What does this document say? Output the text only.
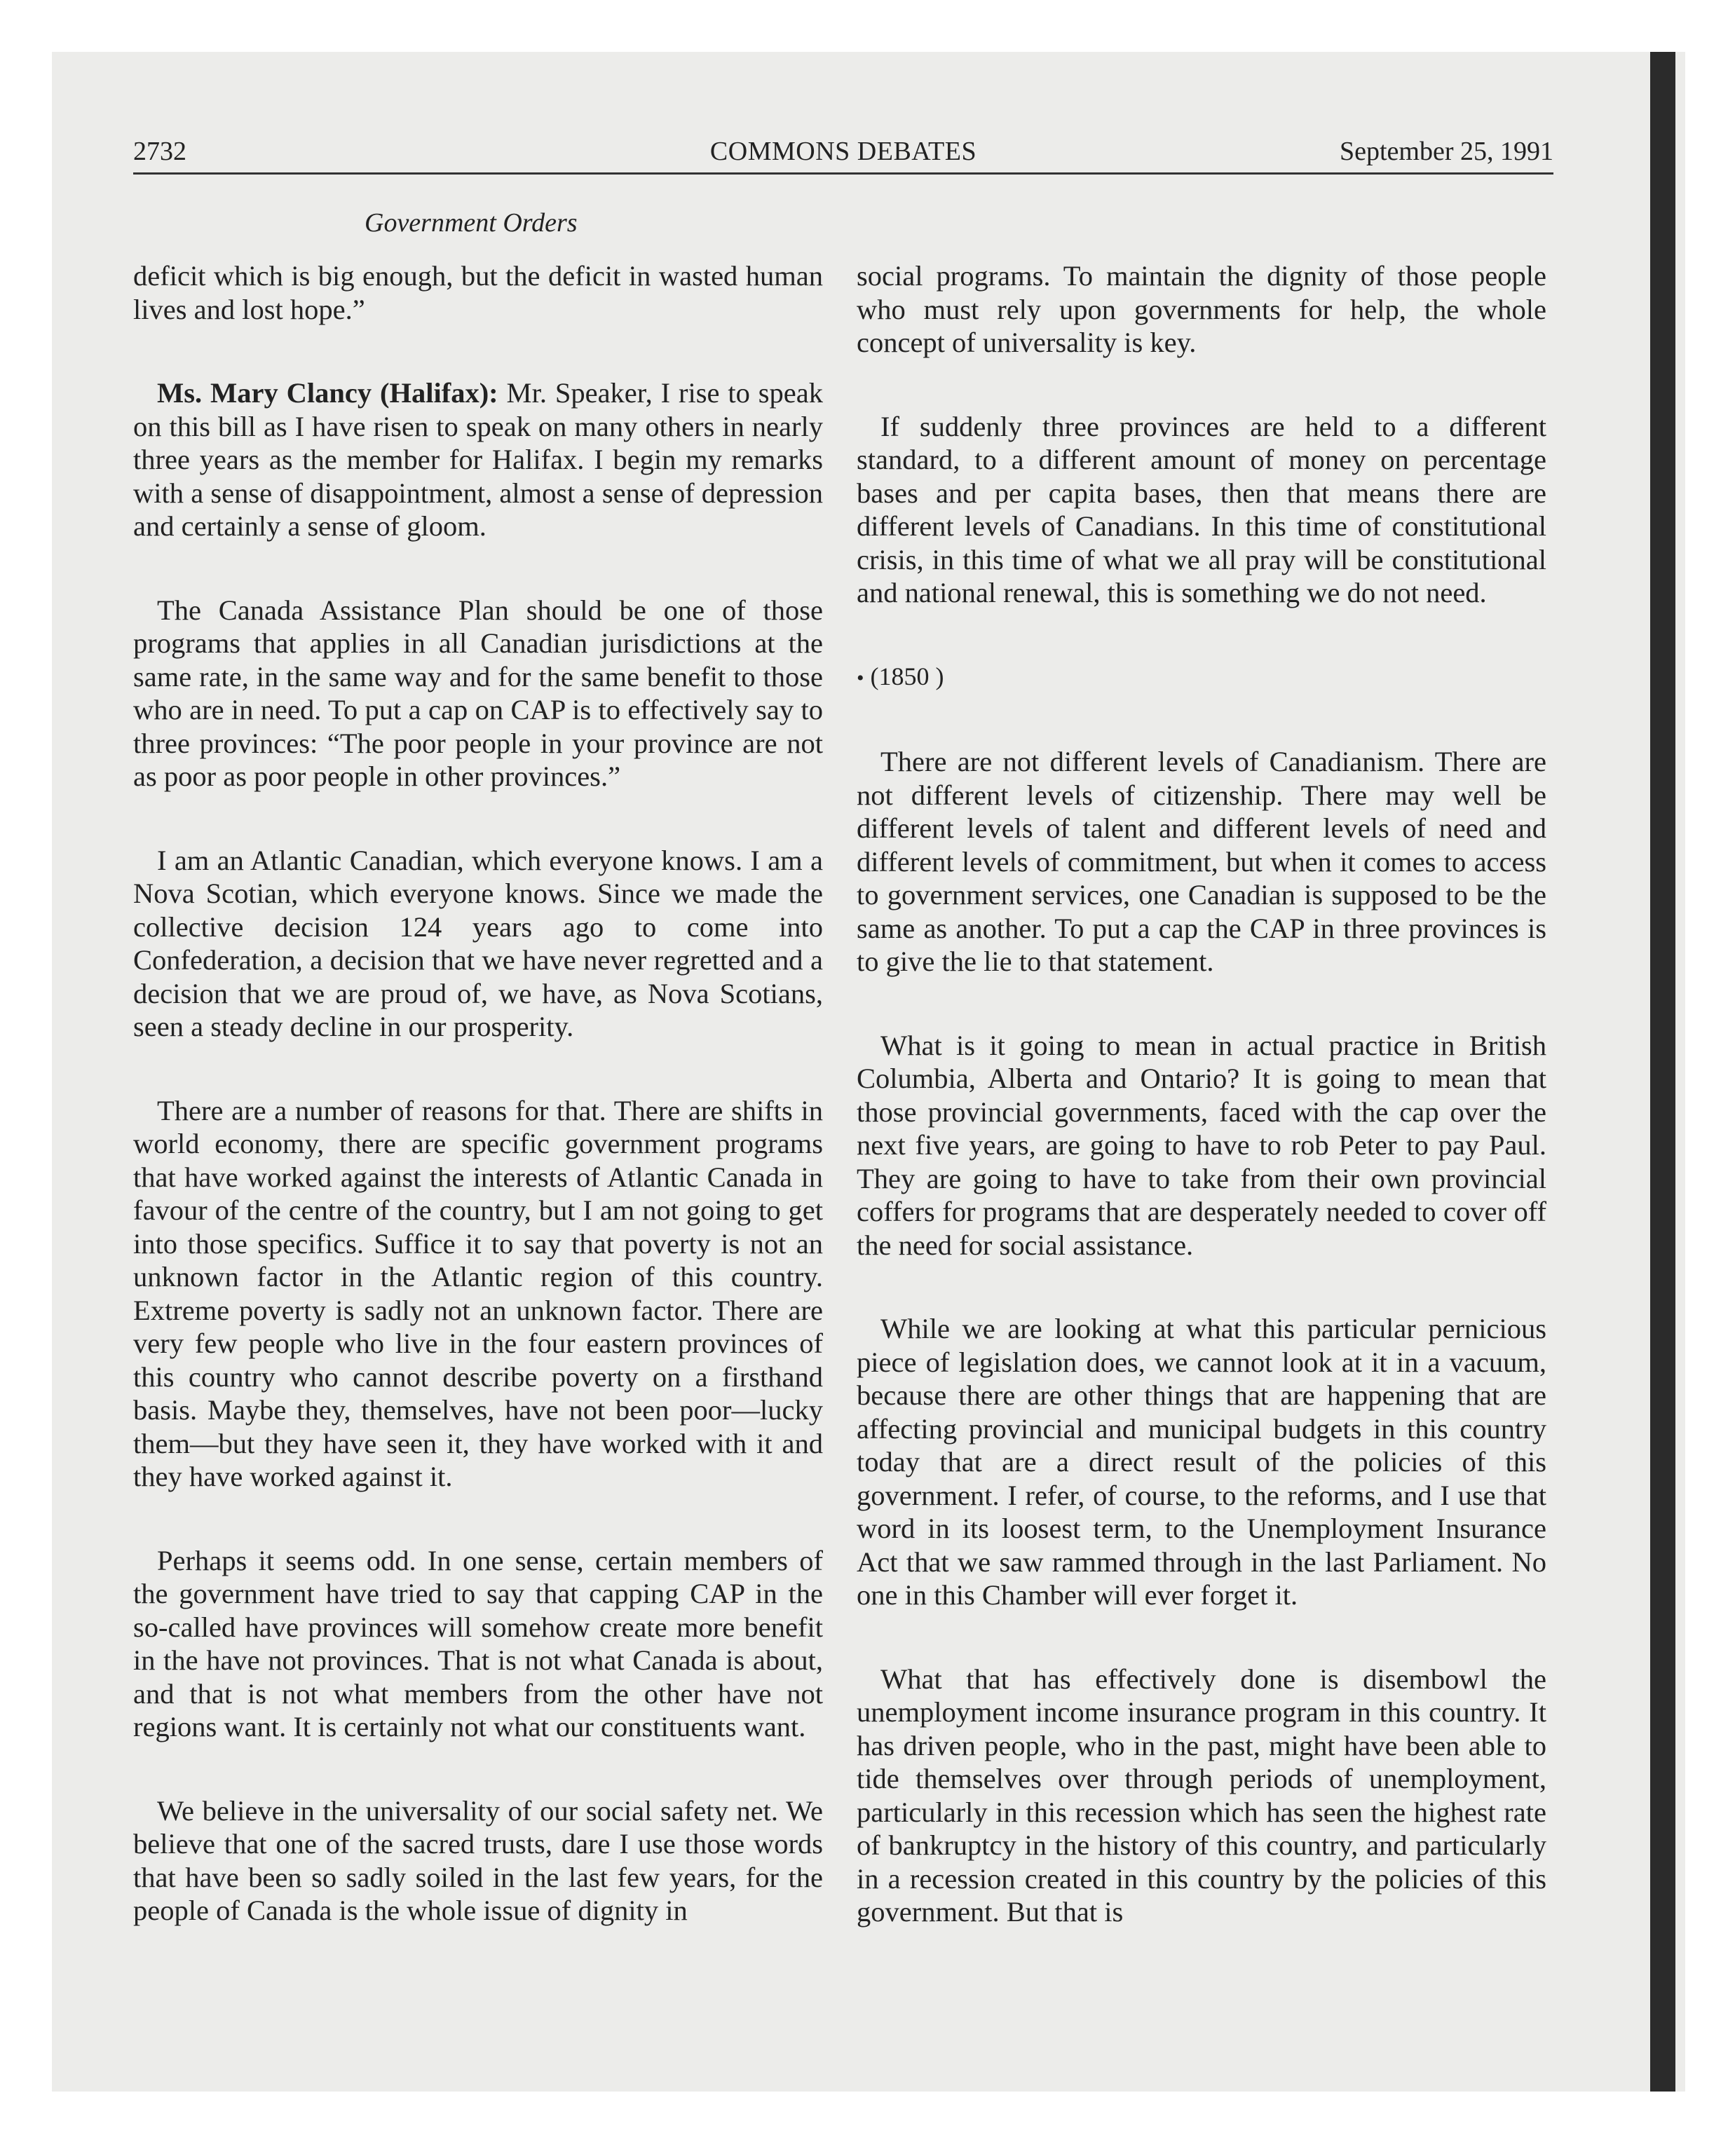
2732	COMMONS DEBATES	September 25, 1991
Government Orders

deficit which is big enough, but the deficit in wasted human lives and lost hope.”

Ms. Mary Clancy (Halifax): Mr. Speaker, I rise to speak on this bill as I have risen to speak on many others in nearly three years as the member for Halifax. I begin my remarks with a sense of disappointment, almost a sense of depression and certainly a sense of gloom.

The Canada Assistance Plan should be one of those programs that applies in all Canadian jurisdictions at the same rate, in the same way and for the same benefit to those who are in need. To put a cap on CAP is to effectively say to three provinces: “The poor people in your province are not as poor as poor people in other provinces.”

I am an Atlantic Canadian, which everyone knows. I am a Nova Scotian, which everyone knows. Since we made the collective decision 124 years ago to come into Confederation, a decision that we have never regretted and a decision that we are proud of, we have, as Nova Scotians, seen a steady decline in our prosperity.

There are a number of reasons for that. There are shifts in world economy, there are specific government programs that have worked against the interests of Atlantic Canada in favour of the centre of the country, but I am not going to get into those specifics. Suffice it to say that poverty is not an unknown factor in the Atlantic region of this country. Extreme poverty is sadly not an unknown factor. There are very few people who live in the four eastern provinces of this country who cannot describe poverty on a firsthand basis. Maybe they, themselves, have not been poor—lucky them—but they have seen it, they have worked with it and they have worked against it.

Perhaps it seems odd. In one sense, certain members of the government have tried to say that capping CAP in the so-called have provinces will somehow create more benefit in the have not provinces. That is not what Canada is about, and that is not what members from the other have not regions want. It is certainly not what our constituents want.

We believe in the universality of our social safety net. We believe that one of the sacred trusts, dare I use those words that have been so sadly soiled in the last few years, for the people of Canada is the whole issue of dignity in

social programs. To maintain the dignity of those people who must rely upon governments for help, the whole concept of universality is key.

If suddenly three provinces are held to a different standard, to a different amount of money on percentage bases and per capita bases, then that means there are different levels of Canadians. In this time of constitutional crisis, in this time of what we all pray will be constitutional and national renewal, this is something we do not need.

• (1850 )

There are not different levels of Canadianism. There are not different levels of citizenship. There may well be different levels of talent and different levels of need and different levels of commitment, but when it comes to access to government services, one Canadian is supposed to be the same as another. To put a cap the CAP in three provinces is to give the lie to that statement.

What is it going to mean in actual practice in British Columbia, Alberta and Ontario? It is going to mean that those provincial governments, faced with the cap over the next five years, are going to have to rob Peter to pay Paul. They are going to have to take from their own provincial coffers for programs that are desperately needed to cover off the need for social assistance.

While we are looking at what this particular pernicious piece of legislation does, we cannot look at it in a vacuum, because there are other things that are happening that are affecting provincial and municipal budgets in this country today that are a direct result of the policies of this government. I refer, of course, to the reforms, and I use that word in its loosest term, to the Unemployment Insurance Act that we saw rammed through in the last Parliament. No one in this Chamber will ever forget it.

What that has effectively done is disembowl the unemployment income insurance program in this country. It has driven people, who in the past, might have been able to tide themselves over through periods of unemployment, particularly in this recession which has seen the highest rate of bankruptcy in the history of this country, and particularly in a recession created in this country by the policies of this government. But that is
